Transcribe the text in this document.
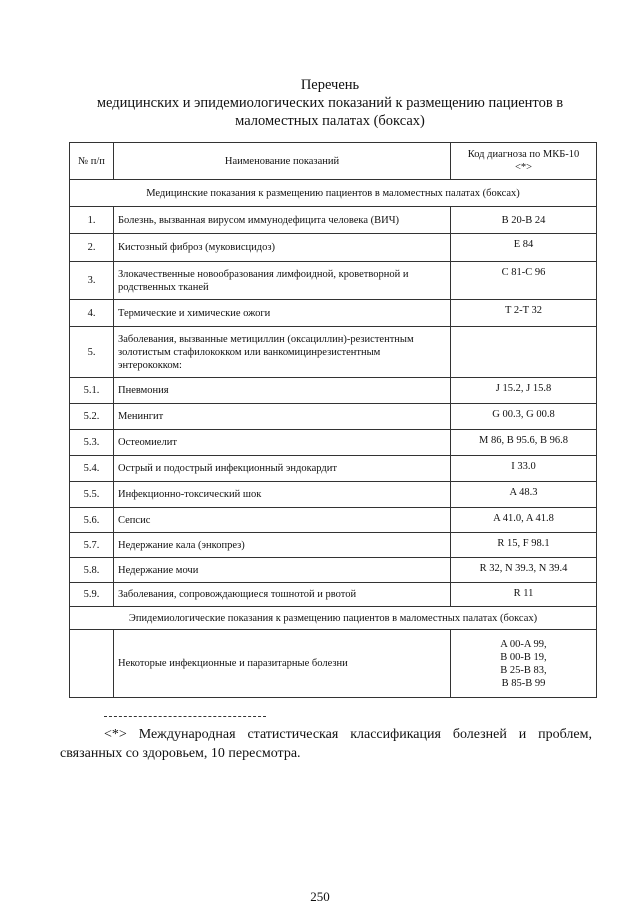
Перечень
медицинских и эпидемиологических показаний к размещению пациентов в
маломестных палатах (боксах)
№ п/п	Наименование показаний	Код диагноза по МКБ-10
<*>
Медицинские показания к размещению пациентов в маломестных палатах (боксах)		
1.	Болезнь, вызванная вирусом иммунодефицита человека (ВИЧ)	B 20-B 24
2.	Кистозный фиброз (муковисцидоз)	E 84
3.	Злокачественные новообразования лимфоидной, кроветворной и родственных тканей	C 81-C 96
4.	Термические и химические ожоги	T 2-T 32
5.	Заболевания, вызванные метициллин (оксациллин)-резистентным золотистым стафилококком или ванкомицинрезистентным энтерококком:	
5.1.	Пневмония	J 15.2, J 15.8
5.2.	Менингит	G 00.3, G 00.8
5.3.	Остеомиелит	M 86, B 95.6, B 96.8
5.4.	Острый и подострый инфекционный эндокардит	I 33.0
5.5.	Инфекционно-токсический шок	A 48.3
5.6.	Сепсис	A 41.0, A 41.8
5.7.	Недержание кала (энкопрез)	R 15, F 98.1
5.8.	Недержание мочи	R 32, N 39.3, N 39.4
5.9.	Заболевания, сопровождающиеся тошнотой и рвотой	R 11
Эпидемиологические показания к размещению пациентов в маломестных палатах (боксах)		
	Некоторые инфекционные и паразитарные болезни	A 00-A 99,
B 00-B 19,
B 25-B 83,
B 85-B 99
<*> Международная статистическая классификация болезней и проблем, связанных со здоровьем, 10 пересмотра.
250
